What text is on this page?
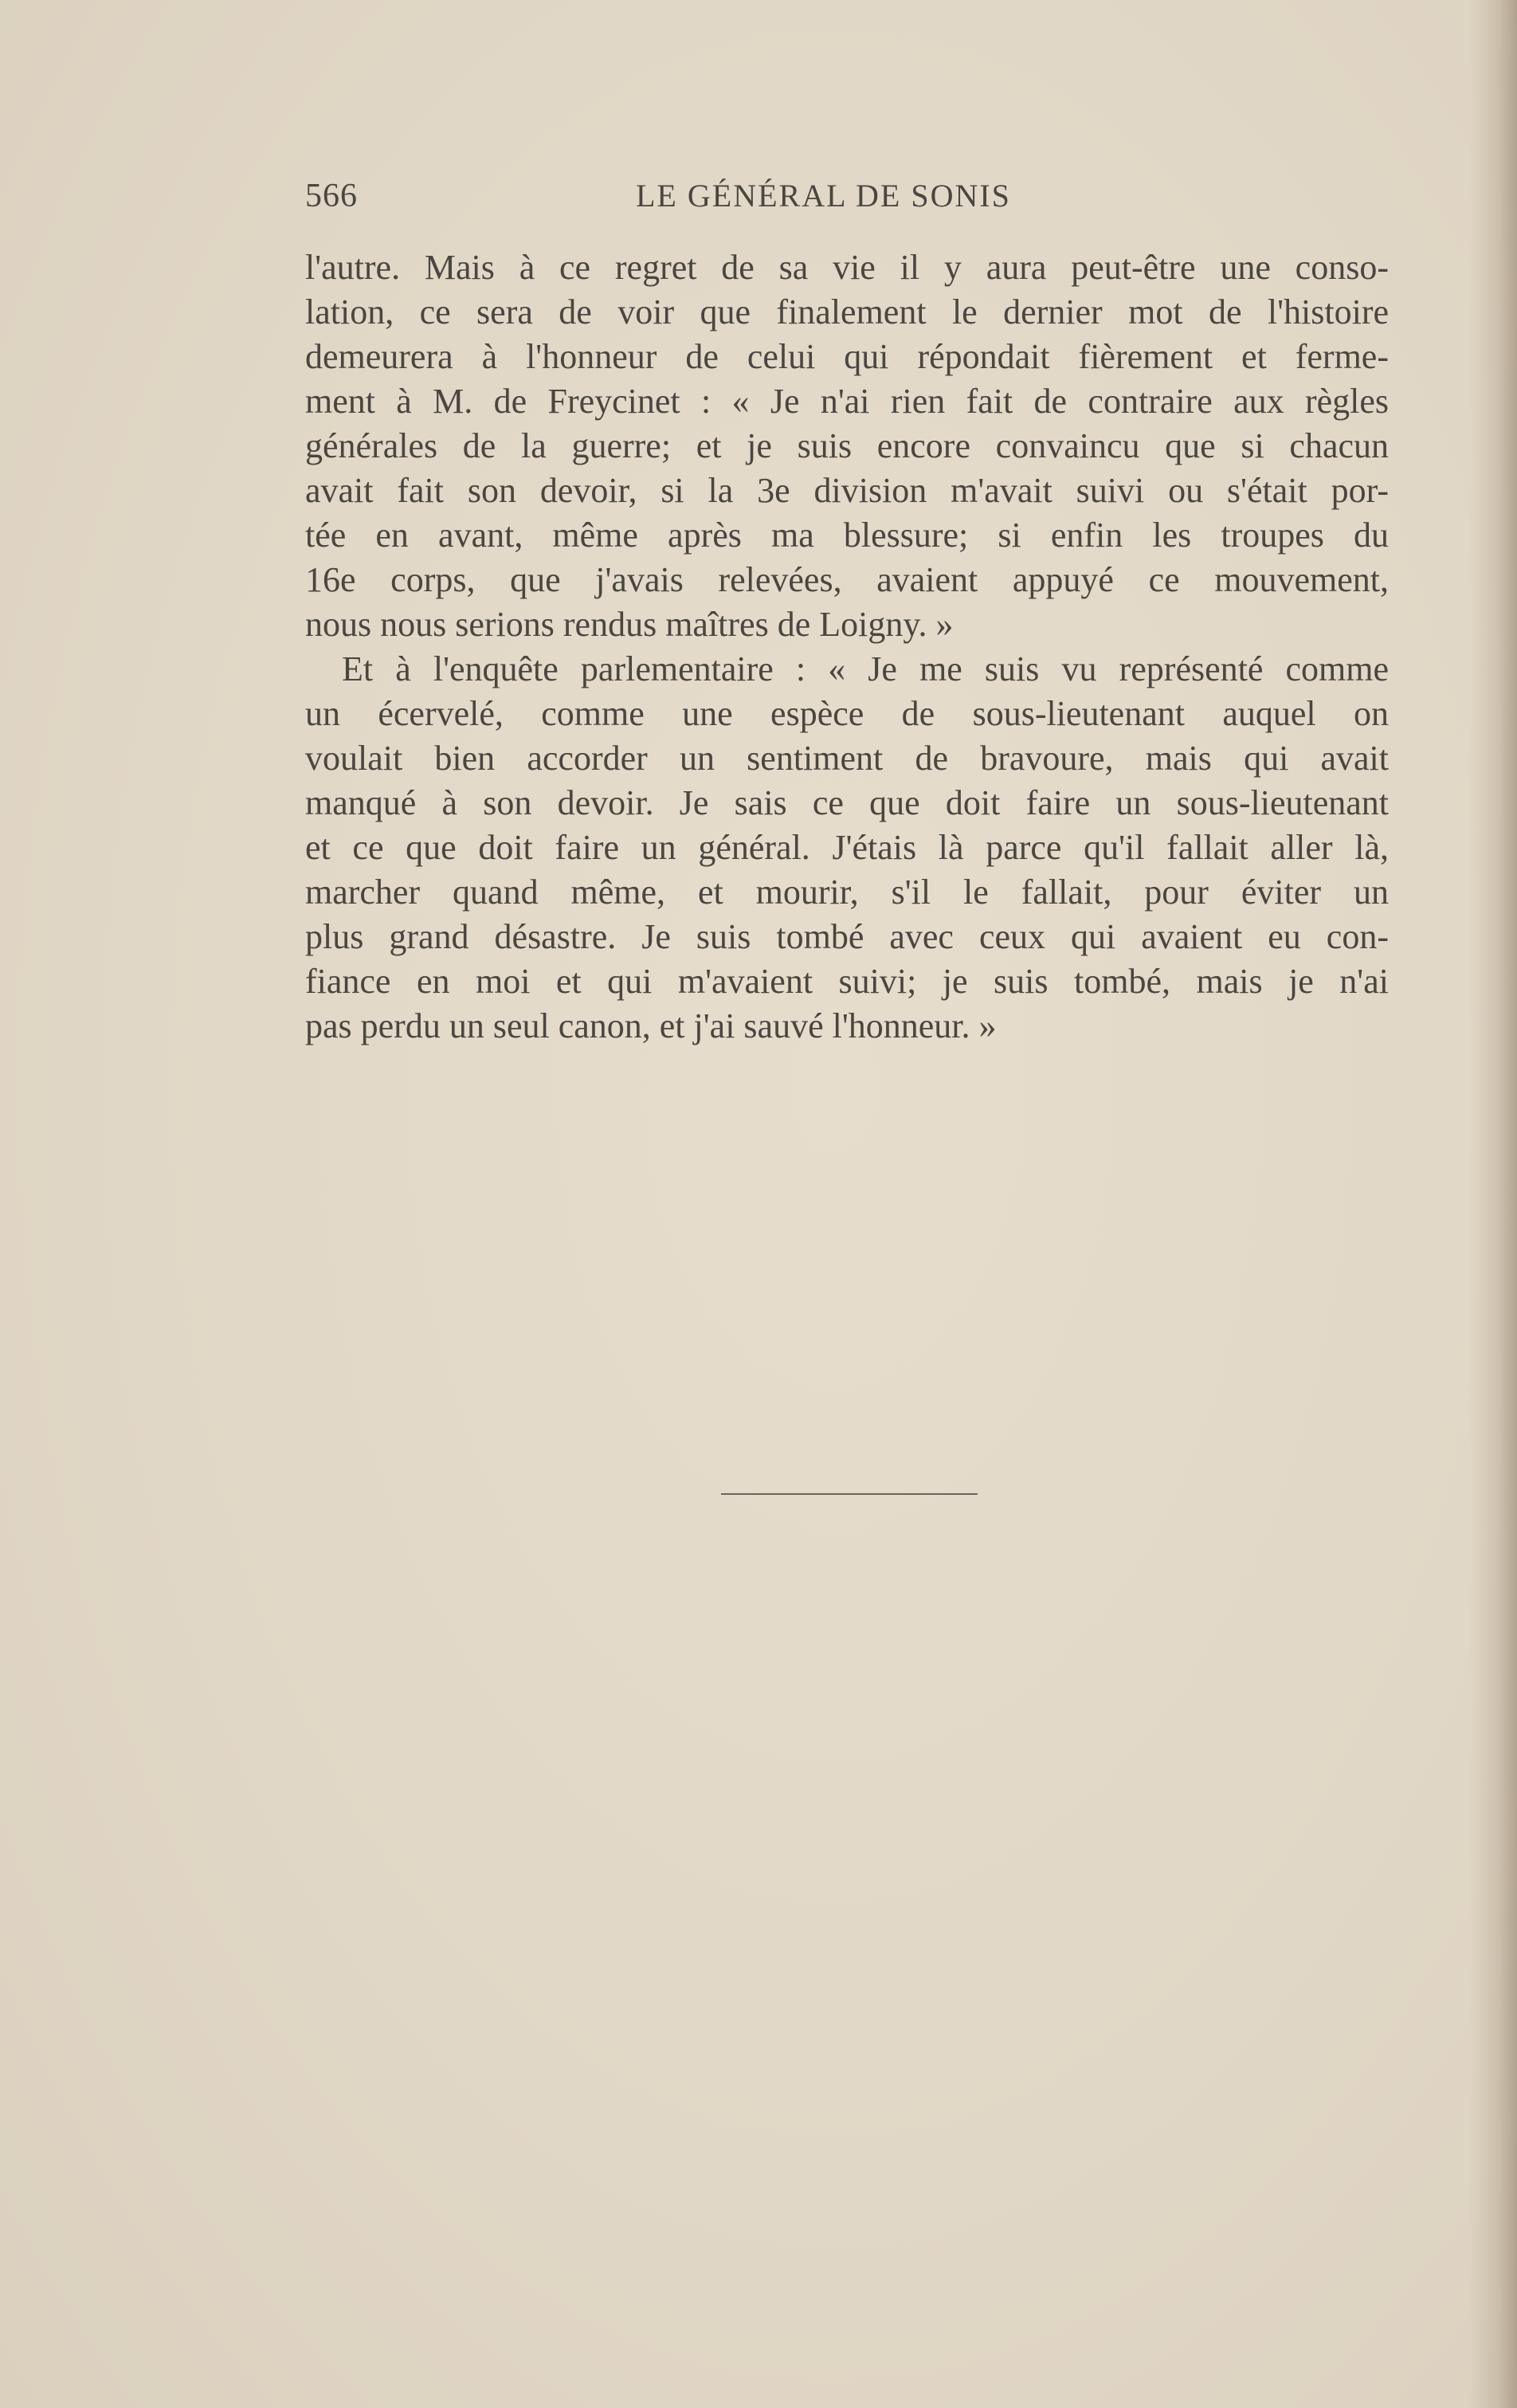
566	LE GÉNÉRAL DE SONIS
l'autre. Mais à ce regret de sa vie il y aura peut-être une conso-
lation, ce sera de voir que finalement le dernier mot de l'histoire
demeurera à l'honneur de celui qui répondait fièrement et ferme-
ment à M. de Freycinet : « Je n'ai rien fait de contraire aux règles
générales de la guerre; et je suis encore convaincu que si chacun
avait fait son devoir, si la 3e division m'avait suivi ou s'était por-
tée en avant, même après ma blessure; si enfin les troupes du
16e corps, que j'avais relevées, avaient appuyé ce mouvement,
nous nous serions rendus maîtres de Loigny. »
Et à l'enquête parlementaire : « Je me suis vu représenté comme
un écervelé, comme une espèce de sous-lieutenant auquel on
voulait bien accorder un sentiment de bravoure, mais qui avait
manqué à son devoir. Je sais ce que doit faire un sous-lieutenant
et ce que doit faire un général. J'étais là parce qu'il fallait aller là,
marcher quand même, et mourir, s'il le fallait, pour éviter un
plus grand désastre. Je suis tombé avec ceux qui avaient eu con-
fiance en moi et qui m'avaient suivi; je suis tombé, mais je n'ai
pas perdu un seul canon, et j'ai sauvé l'honneur. »
